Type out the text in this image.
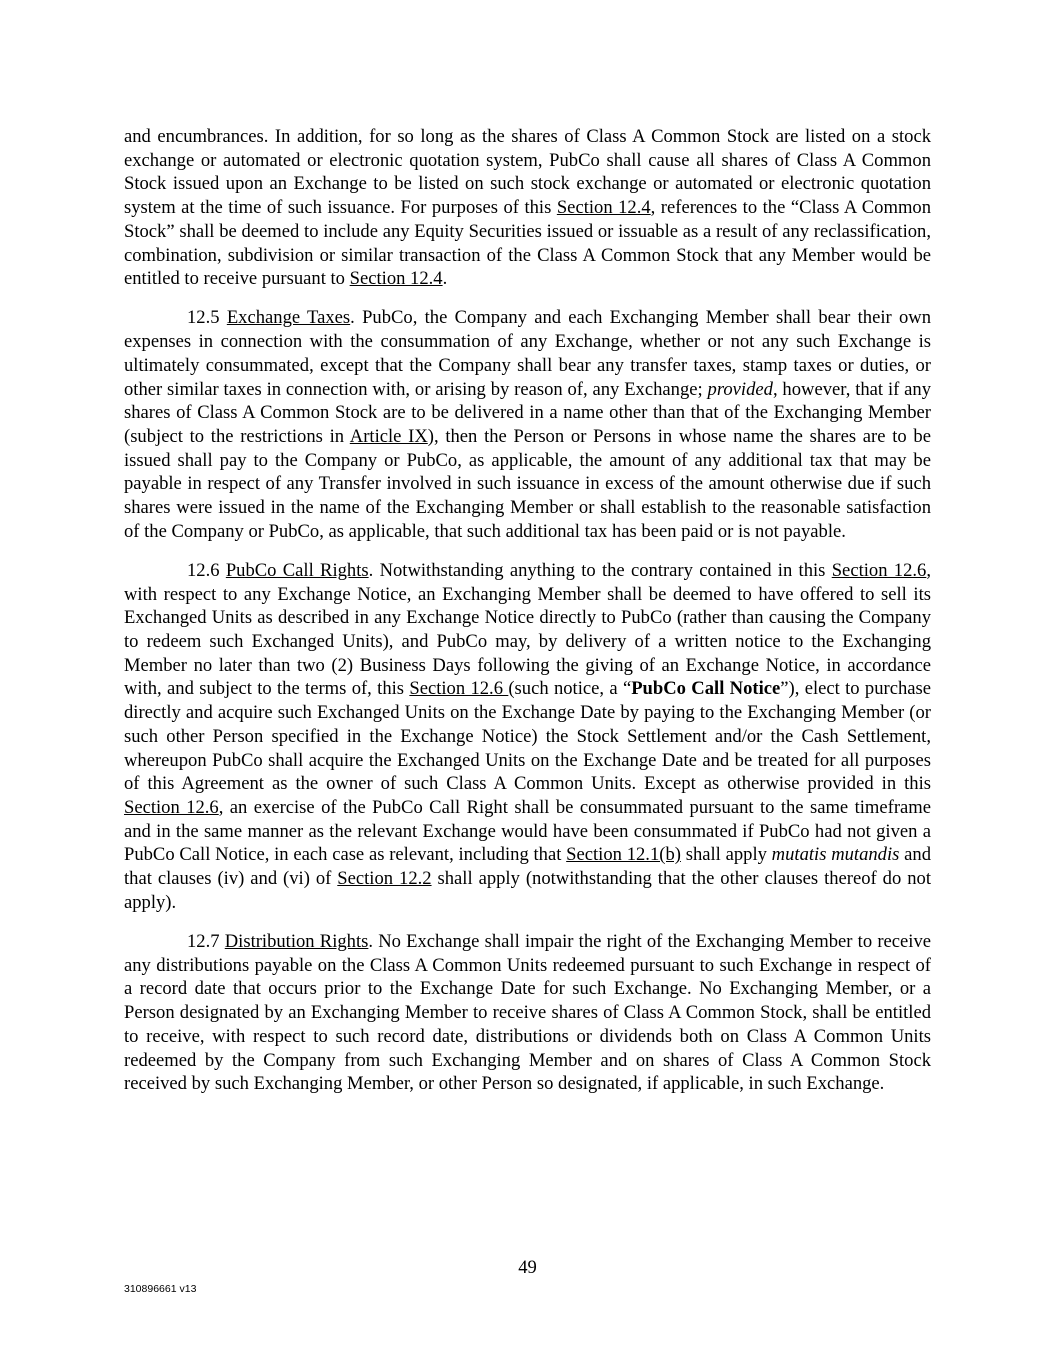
and encumbrances. In addition, for so long as the shares of Class A Common Stock are listed on a stock exchange or automated or electronic quotation system, PubCo shall cause all shares of Class A Common Stock issued upon an Exchange to be listed on such stock exchange or automated or electronic quotation system at the time of such issuance. For purposes of this Section 12.4, references to the “Class A Common Stock” shall be deemed to include any Equity Securities issued or issuable as a result of any reclassification, combination, subdivision or similar transaction of the Class A Common Stock that any Member would be entitled to receive pursuant to Section 12.4.

12.5 Exchange Taxes. PubCo, the Company and each Exchanging Member shall bear their own expenses in connection with the consummation of any Exchange, whether or not any such Exchange is ultimately consummated, except that the Company shall bear any transfer taxes, stamp taxes or duties, or other similar taxes in connection with, or arising by reason of, any Exchange; provided, however, that if any shares of Class A Common Stock are to be delivered in a name other than that of the Exchanging Member (subject to the restrictions in Article IX), then the Person or Persons in whose name the shares are to be issued shall pay to the Company or PubCo, as applicable, the amount of any additional tax that may be payable in respect of any Transfer involved in such issuance in excess of the amount otherwise due if such shares were issued in the name of the Exchanging Member or shall establish to the reasonable satisfaction of the Company or PubCo, as applicable, that such additional tax has been paid or is not payable.

12.6 PubCo Call Rights. Notwithstanding anything to the contrary contained in this Section 12.6, with respect to any Exchange Notice, an Exchanging Member shall be deemed to have offered to sell its Exchanged Units as described in any Exchange Notice directly to PubCo (rather than causing the Company to redeem such Exchanged Units), and PubCo may, by delivery of a written notice to the Exchanging Member no later than two (2) Business Days following the giving of an Exchange Notice, in accordance with, and subject to the terms of, this Section 12.6 (such notice, a “PubCo Call Notice”), elect to purchase directly and acquire such Exchanged Units on the Exchange Date by paying to the Exchanging Member (or such other Person specified in the Exchange Notice) the Stock Settlement and/or the Cash Settlement, whereupon PubCo shall acquire the Exchanged Units on the Exchange Date and be treated for all purposes of this Agreement as the owner of such Class A Common Units. Except as otherwise provided in this Section 12.6, an exercise of the PubCo Call Right shall be consummated pursuant to the same timeframe and in the same manner as the relevant Exchange would have been consummated if PubCo had not given a PubCo Call Notice, in each case as relevant, including that Section 12.1(b) shall apply mutatis mutandis and that clauses (iv) and (vi) of Section 12.2 shall apply (notwithstanding that the other clauses thereof do not apply).

12.7 Distribution Rights. No Exchange shall impair the right of the Exchanging Member to receive any distributions payable on the Class A Common Units redeemed pursuant to such Exchange in respect of a record date that occurs prior to the Exchange Date for such Exchange. No Exchanging Member, or a Person designated by an Exchanging Member to receive shares of Class A Common Stock, shall be entitled to receive, with respect to such record date, distributions or dividends both on Class A Common Units redeemed by the Company from such Exchanging Member and on shares of Class A Common Stock received by such Exchanging Member, or other Person so designated, if applicable, in such Exchange.

49
310896661 v13
